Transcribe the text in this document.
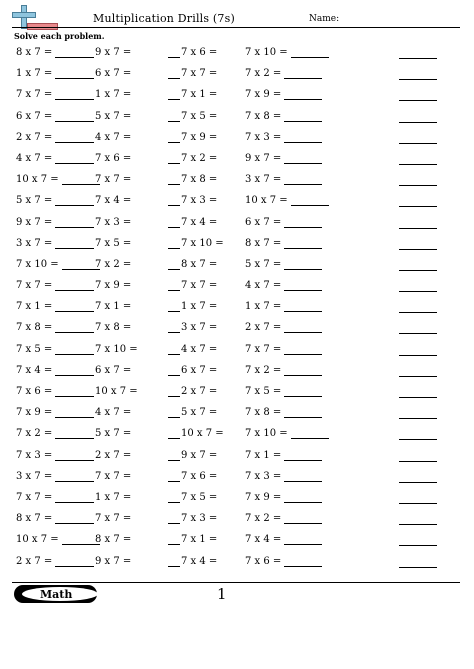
Multiplication Drills (7s)	Name:
Solve each problem.
8 x 7 =	9 x 7 =	7 x 6 =	7 x 10 =
1 x 7 =	6 x 7 =	7 x 7 =	7 x 2 =
7 x 7 =	1 x 7 =	7 x 1 =	7 x 9 =
6 x 7 =	5 x 7 =	7 x 5 =	7 x 8 =
2 x 7 =	4 x 7 =	7 x 9 =	7 x 3 =
4 x 7 =	7 x 6 =	7 x 2 =	9 x 7 =
10 x 7 =	7 x 7 =	7 x 8 =	3 x 7 =
5 x 7 =	7 x 4 =	7 x 3 =	10 x 7 =
9 x 7 =	7 x 3 =	7 x 4 =	6 x 7 =
3 x 7 =	7 x 5 =	7 x 10 = 8 x 7 =
7 x 10 =	7 x 2 =	8 x 7 =	5 x 7 =
7 x 7 =	7 x 9 =	7 x 7 =	4 x 7 =
7 x 1 =	7 x 1 =	1 x 7 =	1 x 7 =
7 x 8 =	7 x 8 =	3 x 7 =	2 x 7 =
7 x 5 =	7 x 10 =	4 x 7 =	7 x 7 =
7 x 4 =	6 x 7 =	6 x 7 =	7 x 2 =
7 x 6 =	10 x 7 =	2 x 7 =	7 x 5 =
7 x 9 =	4 x 7 =	5 x 7 =	7 x 8 =
7 x 2 =	5 x 7 =	10 x 7 = 7 x 10 =
7 x 3 =	2 x 7 =	9 x 7 =	7 x 1 =
3 x 7 =	7 x 7 =	7 x 6 =	7 x 3 =
7 x 7 =	1 x 7 =	7 x 5 =	7 x 9 =
8 x 7 =	7 x 7 =	7 x 3 =	7 x 2 =
10 x 7 =	8 x 7 =	7 x 1 =	7 x 4 =
2 x 7 =	9 x 7 =	7 x 4 =	7 x 6 =
Math	1
